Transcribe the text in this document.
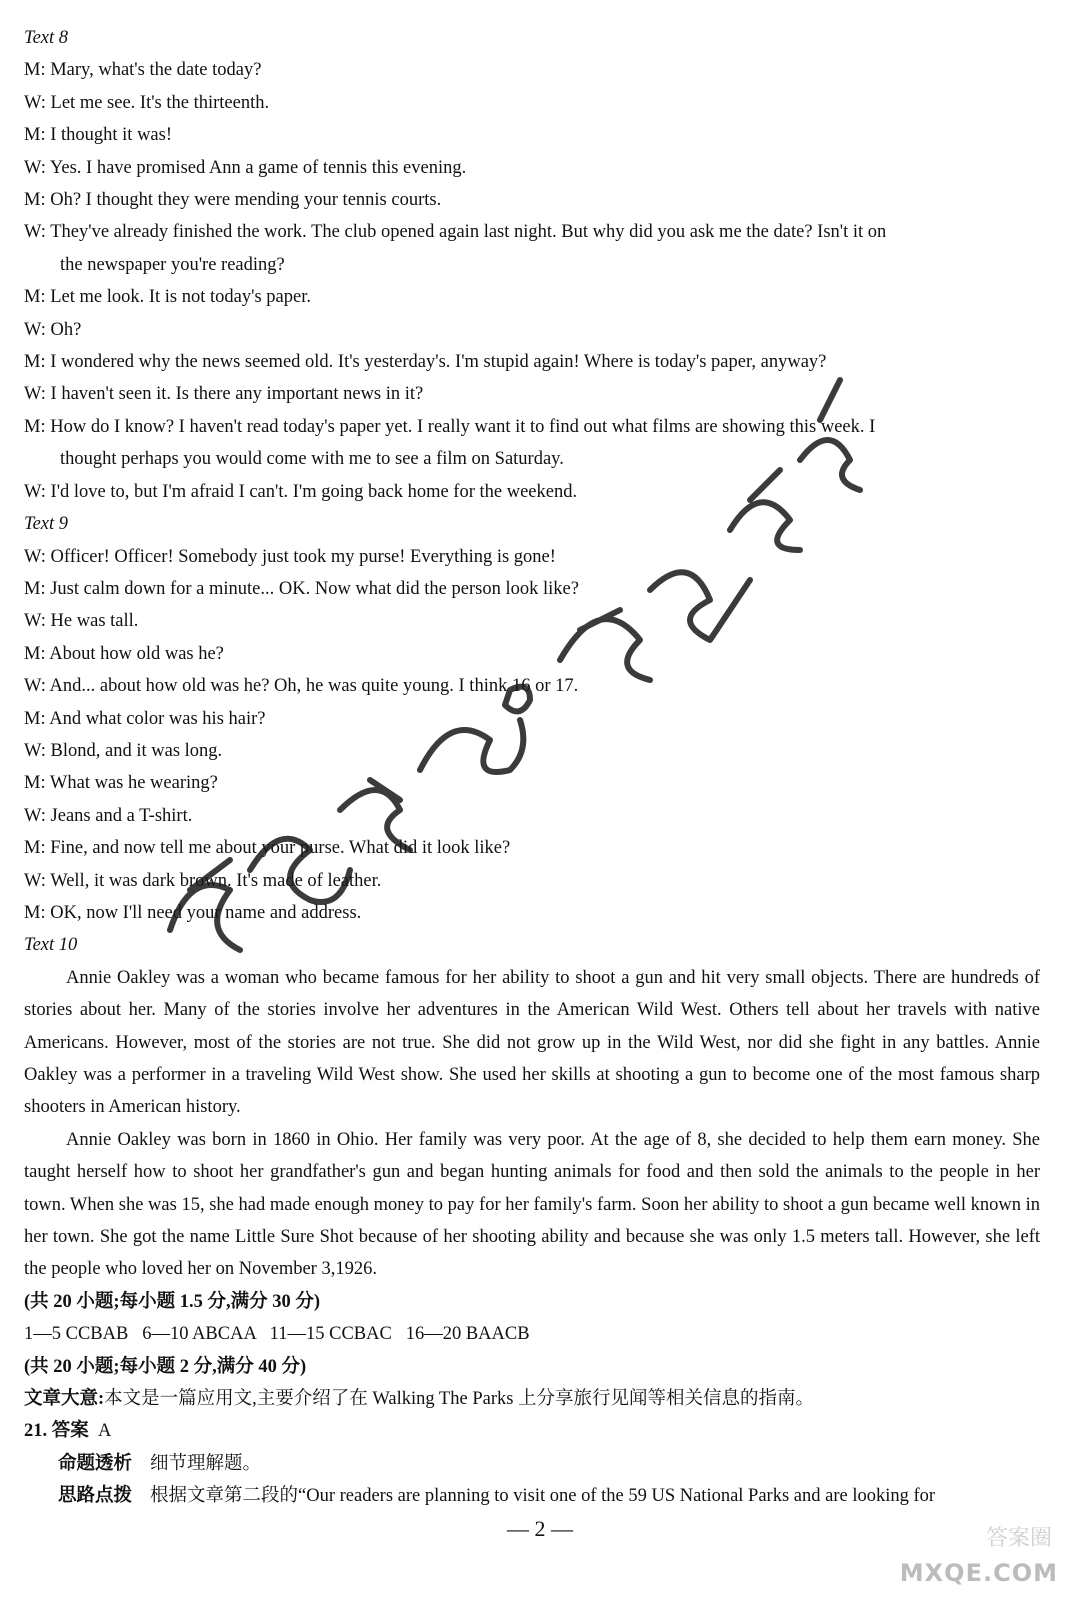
Text 8
M: Mary, what's the date today?
W: Let me see. It's the thirteenth.
M: I thought it was!
W: Yes. I have promised Ann a game of tennis this evening.
M: Oh? I thought they were mending your tennis courts.
W: They've already finished the work. The club opened again last night. But why did you ask me the date? Isn't it on
the newspaper you're reading?
M: Let me look. It is not today's paper.
W: Oh?
M: I wondered why the news seemed old. It's yesterday's. I'm stupid again! Where is today's paper, anyway?
W: I haven't seen it. Is there any important news in it?
M: How do I know? I haven't read today's paper yet. I really want it to find out what films are showing this week. I
thought perhaps you would come with me to see a film on Saturday.
W: I'd love to, but I'm afraid I can't. I'm going back home for the weekend.
Text 9
W: Officer! Officer! Somebody just took my purse! Everything is gone!
M: Just calm down for a minute... OK. Now what did the person look like?
W: He was tall.
M: About how old was he?
W: And... about how old was he? Oh, he was quite young. I think 16 or 17.
M: And what color was his hair?
W: Blond, and it was long.
M: What was he wearing?
W: Jeans and a T-shirt.
M: Fine, and now tell me about your purse. What did it look like?
W: Well, it was dark brown. It's made of leather.
M: OK, now I'll need your name and address.
Text 10
Annie Oakley was a woman who became famous for her ability to shoot a gun and hit very small objects. There are hundreds of stories about her. Many of the stories involve her adventures in the American Wild West. Others tell about her travels with native Americans. However, most of the stories are not true. She did not grow up in the Wild West, nor did she fight in any battles. Annie Oakley was a performer in a traveling Wild West show. She used her skills at shooting a gun to become one of the most famous sharp shooters in American history.
Annie Oakley was born in 1860 in Ohio. Her family was very poor. At the age of 8, she decided to help them earn money. She taught herself how to shoot her grandfather's gun and began hunting animals for food and then sold the animals to the people in her town. When she was 15, she had made enough money to pay for her family's farm. Soon her ability to shoot a gun became well known in her town. She got the name Little Sure Shot because of her shooting ability and because she was only 1.5 meters tall. However, she left the people who loved her on November 3,1926.
(共 20 小题;每小题 1.5 分,满分 30 分)
1—5 CCBAB   6—10 ABCAA   11—15 CCBAC   16—20 BAACB
(共 20 小题;每小题 2 分,满分 40 分)
文章大意:本文是一篇应用文,主要介绍了在 Walking The Parks 上分享旅行见闻等相关信息的指南。
21. 答案 A
命题透析 细节理解题。
思路点拨 根据文章第二段的“Our readers are planning to visit one of the 59 US National Parks and are looking for
— 2 —	答案圈
MXQE.COM
